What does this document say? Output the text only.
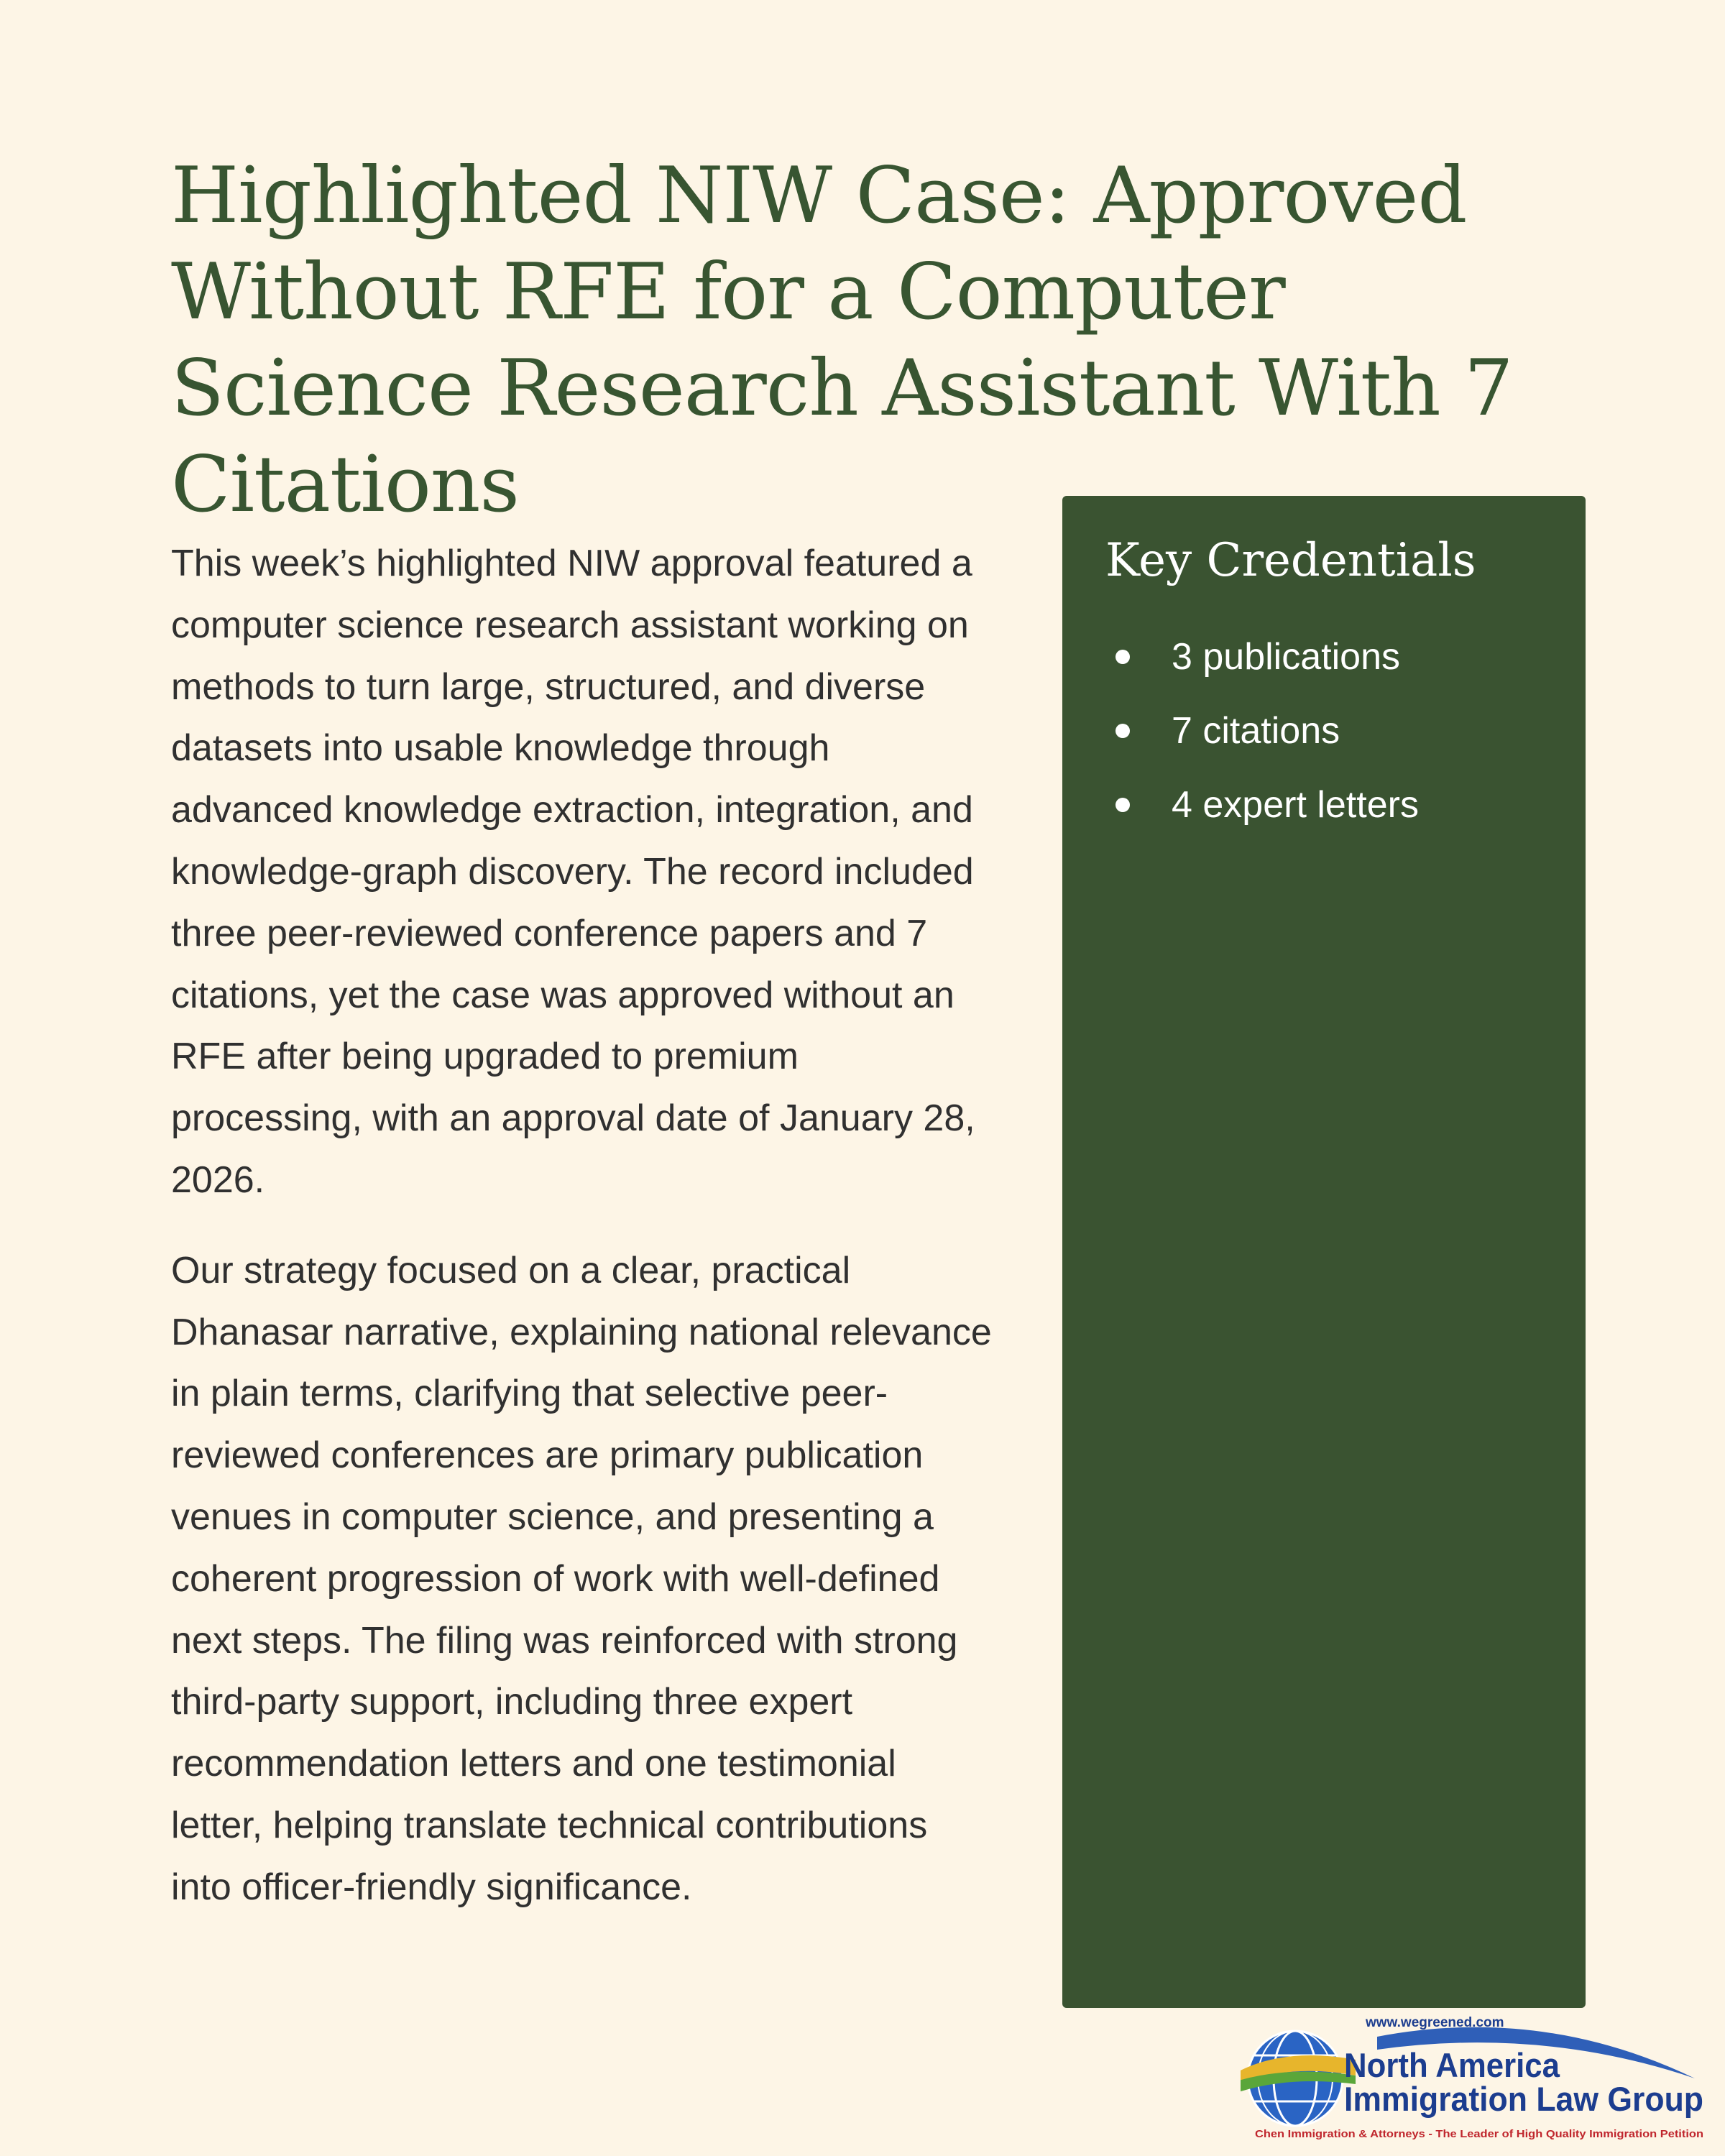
Highlighted NIW Case: Approved Without RFE for a Computer Science Research Assistant With 7 Citations

This week’s highlighted NIW approval featured a computer science research assistant working on methods to turn large, structured, and diverse datasets into usable knowledge through advanced knowledge extraction, integration, and knowledge-graph discovery. The record included three peer-reviewed conference papers and 7 citations, yet the case was approved without an RFE after being upgraded to premium processing, with an approval date of January 28, 2026.

Our strategy focused on a clear, practical Dhanasar narrative, explaining national relevance in plain terms, clarifying that selective peer-reviewed conferences are primary publication venues in computer science, and presenting a coherent progression of work with well-defined next steps. The filing was reinforced with strong third-party support, including three expert recommendation letters and one testimonial letter, helping translate technical contributions into officer-friendly significance.

Key Credentials
3 publications
7 citations
4 expert letters
www.wegreened.com
North America
Immigration Law Group
Chen Immigration & Attorneys - The Leader of High Quality Immigration Petition
